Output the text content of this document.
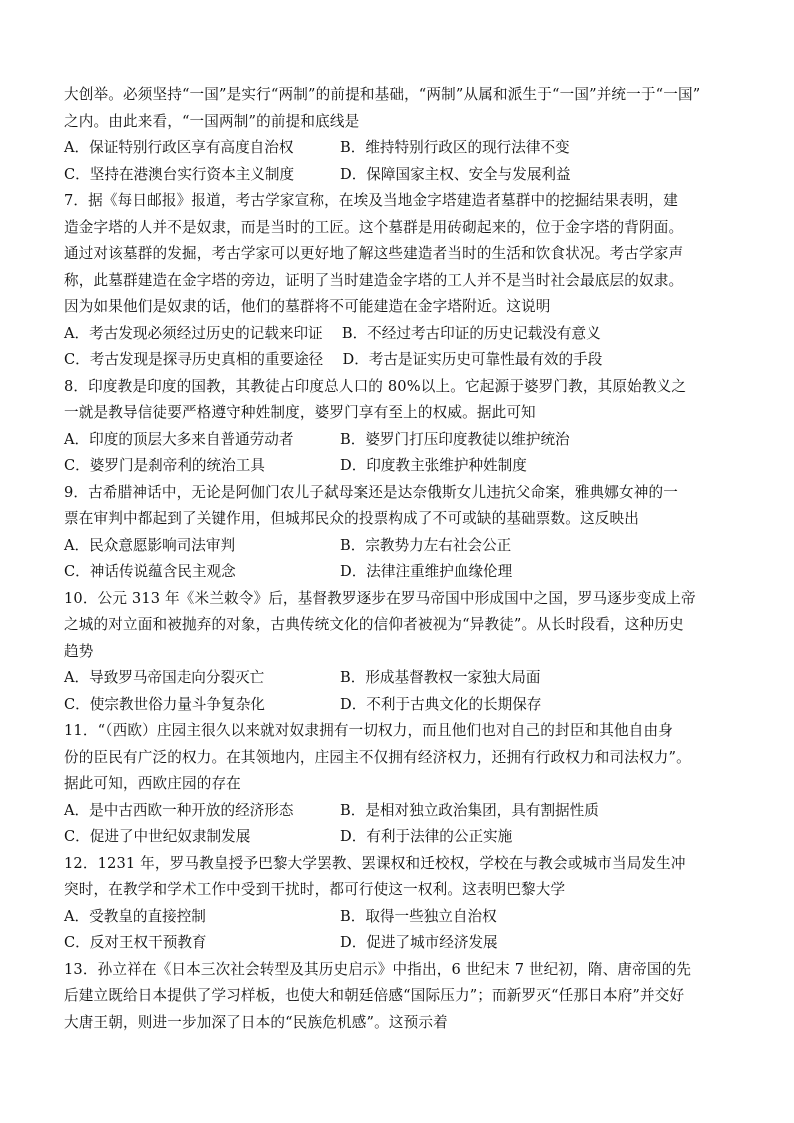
大创举。必须坚持“一国”是实行“两制”的前提和基础，“两制”从属和派生于“一国”并统一于“一国”
之内。由此来看，“一国两制”的前提和底线是
A．保证特别行政区享有高度自治权	B．维持特别行政区的现行法律不变
C．坚持在港澳台实行资本主义制度	D．保障国家主权、安全与发展利益
7．据《每日邮报》报道，考古学家宣称，在埃及当地金字塔建造者墓群中的挖掘结果表明，建
造金字塔的人并不是奴隶，而是当时的工匠。这个墓群是用砖砌起来的，位于金字塔的背阴面。
通过对该墓群的发掘，考古学家可以更好地了解这些建造者当时的生活和饮食状况。考古学家声
称，此墓群建造在金字塔的旁边，证明了当时建造金字塔的工人并不是当时社会最底层的奴隶。
因为如果他们是奴隶的话，他们的墓群将不可能建造在金字塔附近。这说明
A．考古发现必须经过历史的记载来印证　 B．不经过考古印证的历史记载没有意义
C．考古发现是探寻历史真相的重要途径　 D．考古是证实历史可靠性最有效的手段
8．印度教是印度的国教，其教徒占印度总人口的 80%以上。它起源于婆罗门教，其原始教义之
一就是教导信徒要严格遵守种姓制度，婆罗门享有至上的权威。据此可知
A．印度的顶层大多来自普通劳动者	B．婆罗门打压印度教徒以维护统治
C．婆罗门是刹帝利的统治工具	D．印度教主张维护种姓制度
9．古希腊神话中，无论是阿伽门农儿子弑母案还是达奈俄斯女儿违抗父命案，雅典娜女神的一
票在审判中都起到了关键作用，但城邦民众的投票构成了不可或缺的基础票数。这反映出
A．民众意愿影响司法审判	B．宗教势力左右社会公正
C．神话传说蕴含民主观念	D．法律注重维护血缘伦理
10．公元 313 年《米兰敕令》后，基督教罗逐步在罗马帝国中形成国中之国，罗马逐步变成上帝
之城的对立面和被抛弃的对象，古典传统文化的信仰者被视为“异教徒”。从长时段看，这种历史
趋势
A．导致罗马帝国走向分裂灭亡	B．形成基督教权一家独大局面
C．使宗教世俗力量斗争复杂化	D．不利于古典文化的长期保存
11．“（西欧）庄园主很久以来就对奴隶拥有一切权力，而且他们也对自己的封臣和其他自由身
份的臣民有广泛的权力。在其领地内，庄园主不仅拥有经济权力，还拥有行政权力和司法权力”。
据此可知，西欧庄园的存在
A．是中古西欧一种开放的经济形态	B．是相对独立政治集团，具有割据性质
C．促进了中世纪奴隶制发展	D．有利于法律的公正实施
12．1231 年，罗马教皇授予巴黎大学罢教、罢课权和迁校权，学校在与教会或城市当局发生冲
突时，在教学和学术工作中受到干扰时，都可行使这一权利。这表明巴黎大学
A．受教皇的直接控制	B．取得一些独立自治权
C．反对王权干预教育	D．促进了城市经济发展
13．孙立祥在《日本三次社会转型及其历史启示》中指出，6 世纪末 7 世纪初，隋、唐帝国的先
后建立既给日本提供了学习样板，也使大和朝廷倍感“国际压力”；而新罗灭“任那日本府”并交好
大唐王朝，则进一步加深了日本的“民族危机感”。这预示着
